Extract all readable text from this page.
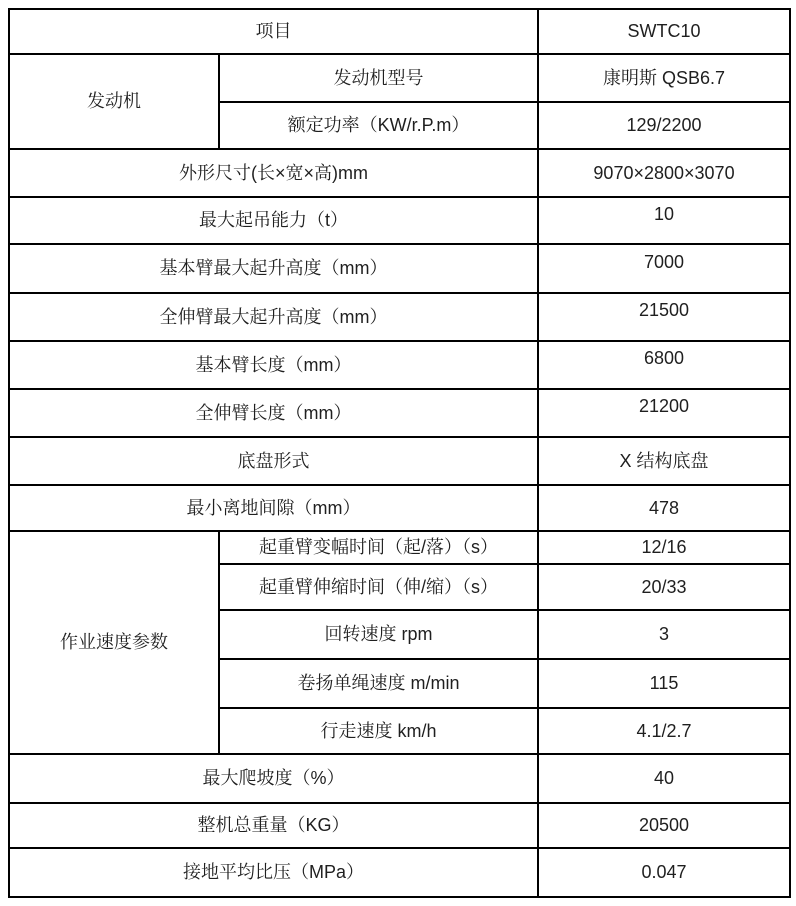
项目		SWTC10
发动机	发动机型号	康明斯 QSB6.7
	额定功率（KW/r.P.m）	129/2200
外形尺寸(长×宽×高)mm		9070×2800×3070
最大起吊能力（t）		10
基本臂最大起升高度（mm）		7000
全伸臂最大起升高度（mm）		21500
基本臂长度（mm）		6800
全伸臂长度（mm）		21200
底盘形式		X 结构底盘
最小离地间隙（mm）		478
作业速度参数	起重臂变幅时间（起/落）（s）	12/16
	起重臂伸缩时间（伸/缩）（s）	20/33
	回转速度 rpm	3
	卷扬单绳速度 m/min	115
	行走速度 km/h	4.1/2.7
最大爬坡度（%）		40
整机总重量（KG）		20500
接地平均比压（MPa）		0.047
